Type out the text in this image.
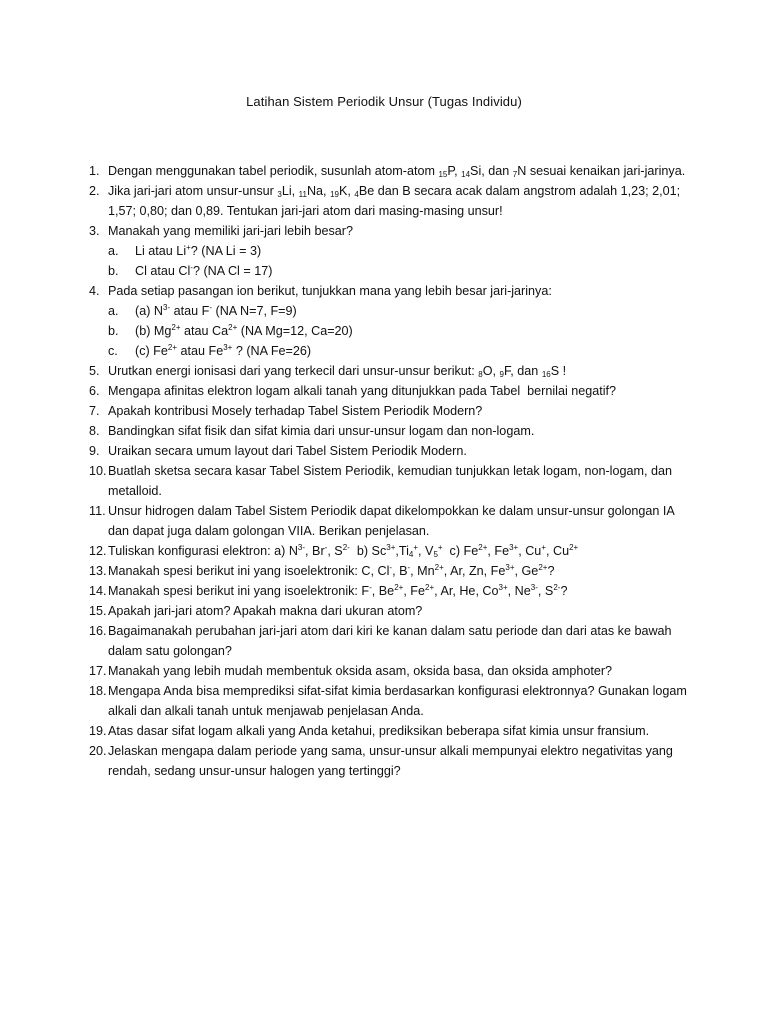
Latihan Sistem Periodik Unsur (Tugas Individu)
1. Dengan menggunakan tabel periodik, susunlah atom-atom $_{15}$P, $_{14}$Si, dan $_7$N sesuai kenaikan jari-jarinya.
2. Jika jari-jari atom unsur-unsur $_3$Li, $_{11}$Na, $_{19}$K, $_4$Be dan B secara acak dalam angstrom adalah 1,23; 2,01; 1,57; 0,80; dan 0,89. Tentukan jari-jari atom dari masing-masing unsur!
3. Manakah yang memiliki jari-jari lebih besar?
a. Li atau Li+? (NA Li = 3)
b. Cl atau Cl-? (NA Cl = 17)
4. Pada setiap pasangan ion berikut, tunjukkan mana yang lebih besar jari-jarinya:
a. (a) $N^{3-}$ atau F- (NA N=7, F=9)
b. (b) $Mg^{2+}$ atau $Ca^{2+}$ (NA Mg=12, Ca=20)
c. (c) $Fe^{2+}$ atau $Fe^{3+}$ ? (NA Fe=26)
5. Urutkan energi ionisasi dari yang terkecil dari unsur-unsur berikut: $_8$O, $_9$F, dan $_{16}$S !
6. Mengapa afinitas elektron logam alkali tanah yang ditunjukkan pada Tabel  bernilai negatif?
7. Apakah kontribusi Mosely terhadap Tabel Sistem Periodik Modern?
8. Bandingkan sifat fisik dan sifat kimia dari unsur-unsur logam dan non-logam.
9. Uraikan secara umum layout dari Tabel Sistem Periodik Modern.
10. Buatlah sketsa secara kasar Tabel Sistem Periodik, kemudian tunjukkan letak logam, non-logam, dan metalloid.
11. Unsur hidrogen dalam Tabel Sistem Periodik dapat dikelompokkan ke dalam unsur-unsur golongan IA dan dapat juga dalam golongan VIIA. Berikan penjelasan.
12. Tuliskan konfigurasi elektron: a) $N^{3-}$, Br-, $S^{2-}$  b) $Sc^{3+},Ti_4^+$, $V_5^+$  c) $Fe^{2+}$, $Fe^{3+}$, Cu+, $Cu^{2+}$
13. Manakah spesi berikut ini yang isoelektronik: C, Cl-, B-, $Mn^{2+}$, Ar, Zn, $Fe^{3+}$, $Ge^{2+}$?
14. Manakah spesi berikut ini yang isoelektronik: F-, $Be^{2+}$, $Fe^{2+}$, Ar, He, $Co^{3+}$, $Ne^{3-}$, $S^{2-}$?
15. Apakah jari-jari atom? Apakah makna dari ukuran atom?
16. Bagaimanakah perubahan jari-jari atom dari kiri ke kanan dalam satu periode dan dari atas ke bawah dalam satu golongan?
17. Manakah yang lebih mudah membentuk oksida asam, oksida basa, dan oksida amphoter?
18. Mengapa Anda bisa memprediksi sifat-sifat kimia berdasarkan konfigurasi elektronnya? Gunakan logam alkali dan alkali tanah untuk menjawab penjelasan Anda.
19. Atas dasar sifat logam alkali yang Anda ketahui, prediksikan beberapa sifat kimia unsur fransium.
20. Jelaskan mengapa dalam periode yang sama, unsur-unsur alkali mempunyai elektro negativitas yang rendah, sedang unsur-unsur halogen yang tertinggi?
